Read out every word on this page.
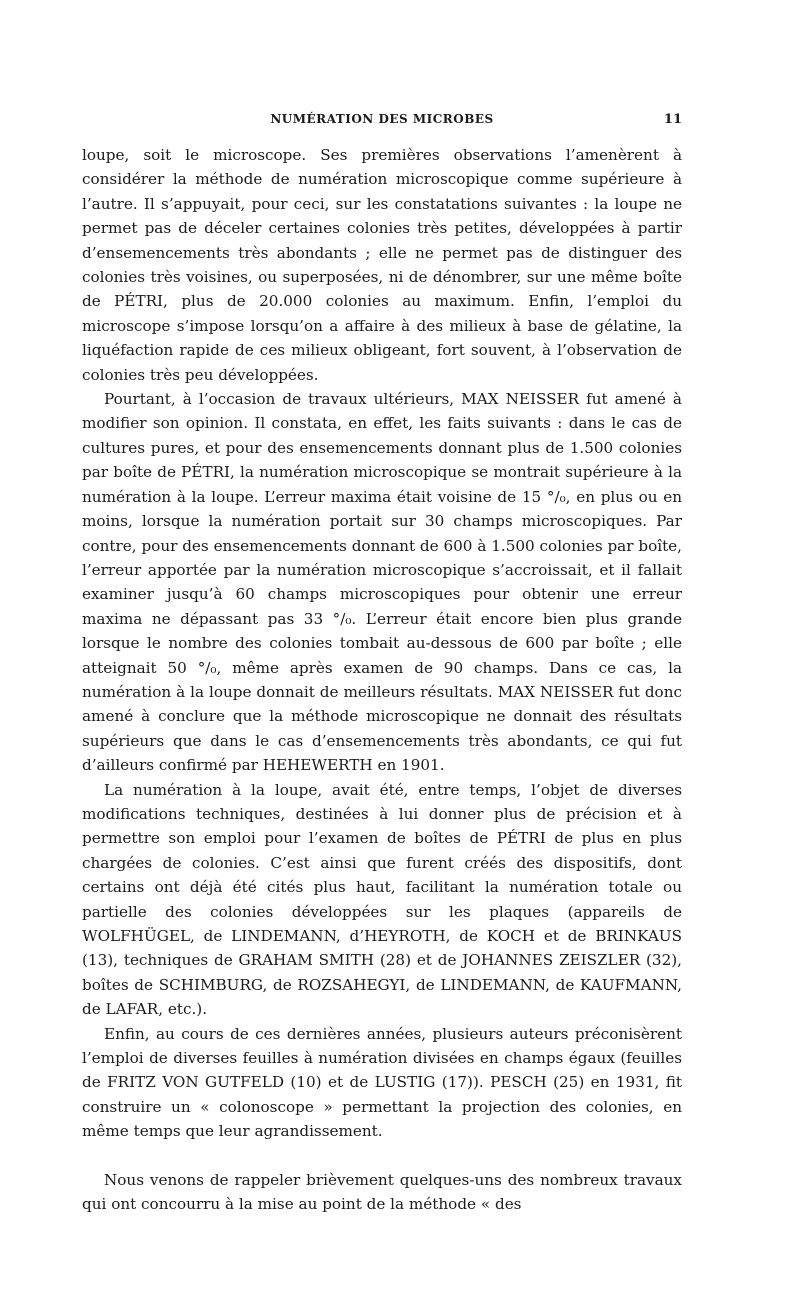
NUMÉRATION DES MICROBES	11

loupe, soit le microscope. Ses premières observations l’amenèrent à considérer la méthode de numération microscopique comme supérieure à l’autre. Il s’appuyait, pour ceci, sur les constatations suivantes : la loupe ne permet pas de déceler certaines colonies très petites, développées à partir d’ensemencements très abondants ; elle ne permet pas de distinguer des colonies très voisines, ou superposées, ni de dénombrer, sur une même boîte de PÉTRI, plus de 20.000 colonies au maximum. Enfin, l’emploi du microscope s’impose lorsqu’on a affaire à des milieux à base de gélatine, la liquéfaction rapide de ces milieux obligeant, fort souvent, à l’observation de colonies très peu développées.

Pourtant, à l’occasion de travaux ultérieurs, MAX NEISSER fut amené à modifier son opinion. Il constata, en effet, les faits suivants : dans le cas de cultures pures, et pour des ensemencements donnant plus de 1.500 colonies par boîte de PÉTRI, la numération microscopique se montrait supérieure à la numération à la loupe. L’erreur maxima était voisine de 15 °/₀, en plus ou en moins, lorsque la numération portait sur 30 champs microscopiques. Par contre, pour des ensemencements donnant de 600 à 1.500 colonies par boîte, l’erreur apportée par la numération microscopique s’accroissait, et il fallait examiner jusqu’à 60 champs microscopiques pour obtenir une erreur maxima ne dépassant pas 33 °/₀. L’erreur était encore bien plus grande lorsque le nombre des colonies tombait au-dessous de 600 par boîte ; elle atteignait 50 °/₀, même après examen de 90 champs. Dans ce cas, la numération à la loupe donnait de meilleurs résultats. MAX NEISSER fut donc amené à conclure que la méthode microscopique ne donnait des résultats supérieurs que dans le cas d’ensemencements très abondants, ce qui fut d’ailleurs confirmé par HEHEWERTH en 1901.

La numération à la loupe, avait été, entre temps, l’objet de diverses modifications techniques, destinées à lui donner plus de précision et à permettre son emploi pour l’examen de boîtes de PÉTRI de plus en plus chargées de colonies. C’est ainsi que furent créés des dispositifs, dont certains ont déjà été cités plus haut, facilitant la numération totale ou partielle des colonies développées sur les plaques (appareils de WOLFHÜGEL, de LINDEMANN, d’HEYROTH, de KOCH et de BRINKAUS (13), techniques de GRAHAM SMITH (28) et de JOHANNES ZEISZLER (32), boîtes de SCHIMBURG, de ROZSAHEGYI, de LINDEMANN, de KAUFMANN, de LAFAR, etc.).

Enfin, au cours de ces dernières années, plusieurs auteurs préconisèrent l’emploi de diverses feuilles à numération divisées en champs égaux (feuilles de FRITZ VON GUTFELD (10) et de LUSTIG (17)). PESCH (25) en 1931, fit construire un « colonoscope » permettant la projection des colonies, en même temps que leur agrandissement.

Nous venons de rappeler brièvement quelques-uns des nombreux travaux qui ont concourru à la mise au point de la méthode « des
